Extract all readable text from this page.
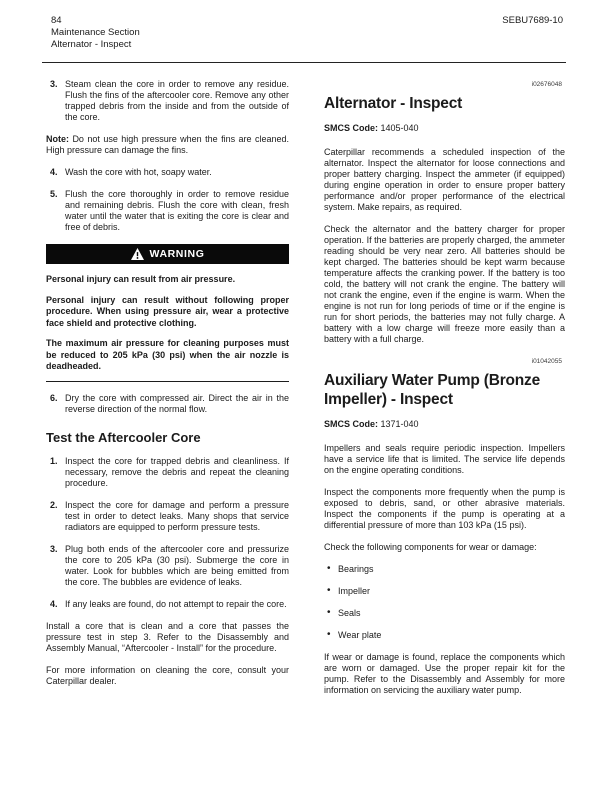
84
Maintenance Section
Alternator - Inspect
SEBU7689-10
3. Steam clean the core in order to remove any residue. Flush the fins of the aftercooler core. Remove any other trapped debris from the inside and from the outside of the core.

Note: Do not use high pressure when the fins are cleaned. High pressure can damage the fins.

4. Wash the core with hot, soapy water.
5. Flush the core thoroughly in order to remove residue and remaining debris. Flush the core with clean, fresh water until the water that is exiting the core is clear and free of debris.
WARNING

Personal injury can result from air pressure.

Personal injury can result without following proper procedure. When using pressure air, wear a protective face shield and protective clothing.

The maximum air pressure for cleaning purposes must be reduced to 205 kPa (30 psi) when the air nozzle is deadheaded.

6. Dry the core with compressed air. Direct the air in the reverse direction of the normal flow.
Test the Aftercooler Core
1. Inspect the core for trapped debris and cleanliness. If necessary, remove the debris and repeat the cleaning procedure.
2. Inspect the core for damage and perform a pressure test in order to detect leaks. Many shops that service radiators are equipped to perform pressure tests.
3. Plug both ends of the aftercooler core and pressurize the core to 205 kPa (30 psi). Submerge the core in water. Look for bubbles which are being emitted from the core. The bubbles are evidence of leaks.
4. If any leaks are found, do not attempt to repair the core.

Install a core that is clean and a core that passes the pressure test in step 3. Refer to the Disassembly and Assembly Manual, “Aftercooler - Install” for the procedure.

For more information on cleaning the core, consult your Caterpillar dealer.

i02676048
Alternator - Inspect

SMCS Code: 1405-040

Caterpillar recommends a scheduled inspection of the alternator. Inspect the alternator for loose connections and proper battery charging. Inspect the ammeter (if equipped) during engine operation in order to ensure proper battery performance and/or proper performance of the electrical system. Make repairs, as required.

Check the alternator and the battery charger for proper operation. If the batteries are properly charged, the ammeter reading should be very near zero. All batteries should be kept charged. The batteries should be kept warm because temperature affects the cranking power. If the battery is too cold, the battery will not crank the engine. The battery will not crank the engine, even if the engine is warm. When the engine is not run for long periods of time or if the engine is run for short periods, the batteries may not fully charge. A battery with a low charge will freeze more easily than a battery with a full charge.

i01042055
Auxiliary Water Pump (Bronze Impeller) - Inspect

SMCS Code: 1371-040

Impellers and seals require periodic inspection. Impellers have a service life that is limited. The service life depends on the engine operating conditions.

Inspect the components more frequently when the pump is exposed to debris, sand, or other abrasive materials. Inspect the components if the pump is operating at a differential pressure of more than 103 kPa (15 psi).

Check the following components for wear or damage:

• Bearings
• Impeller
• Seals
• Wear plate

If wear or damage is found, replace the components which are worn or damaged. Use the proper repair kit for the pump. Refer to the Disassembly and Assembly for more information on servicing the auxiliary water pump.
